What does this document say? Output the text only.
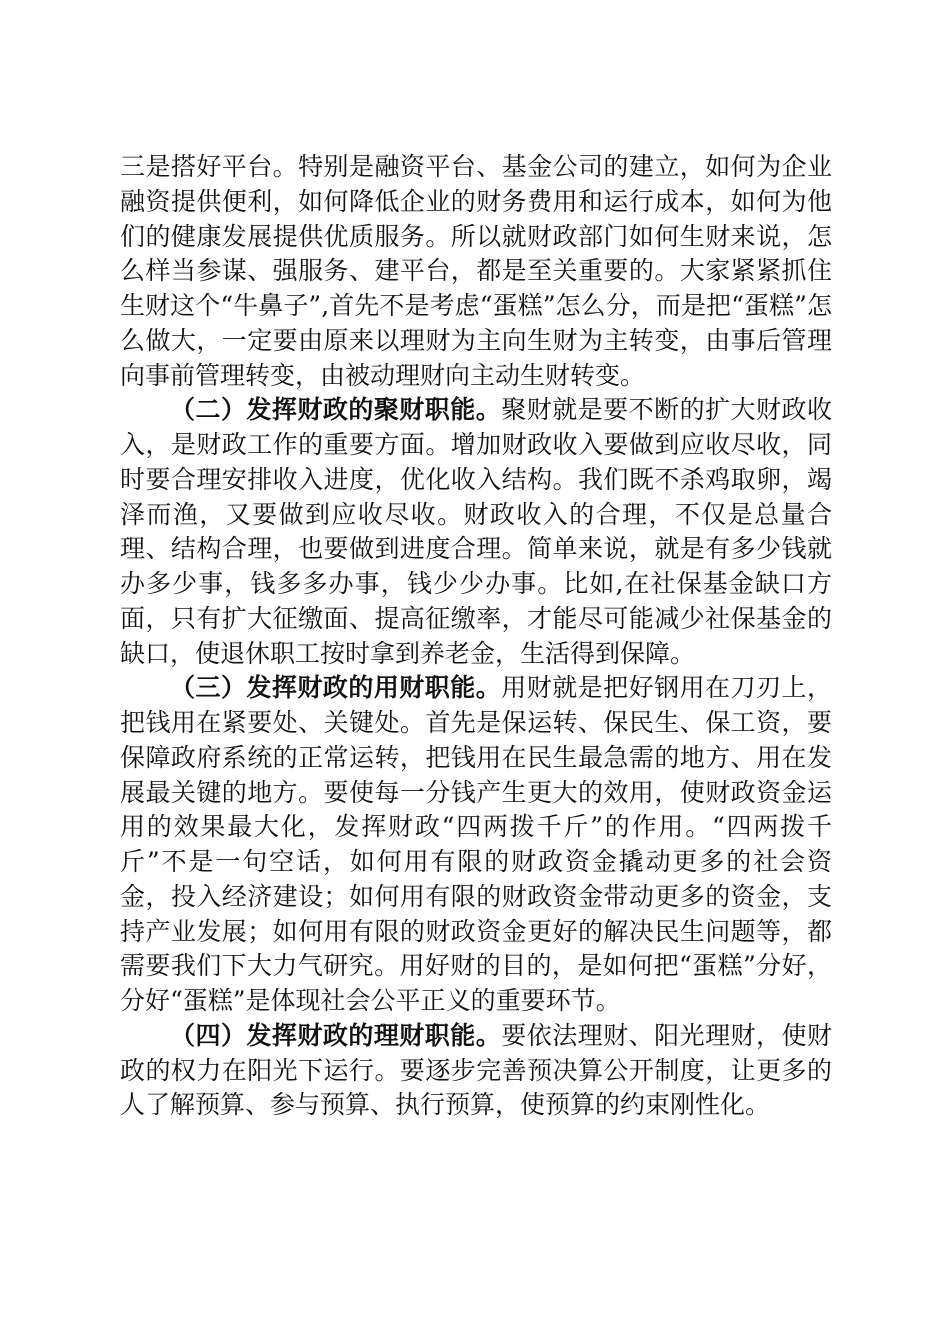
三是搭好平台。特别是融资平台、基金公司的建立，如何为企业融资提供便利，如何降低企业的财务费用和运行成本，如何为他们的健康发展提供优质服务。所以就财政部门如何生财来说，怎么样当参谋、强服务、建平台，都是至关重要的。大家紧紧抓住生财这个“牛鼻子”,首先不是考虑“蛋糕”怎么分，而是把“蛋糕”怎么做大，一定要由原来以理财为主向生财为主转变，由事后管理向事前管理转变，由被动理财向主动生财转变。

（二）发挥财政的聚财职能。聚财就是要不断的扩大财政收入，是财政工作的重要方面。增加财政收入要做到应收尽收，同时要合理安排收入进度，优化收入结构。我们既不杀鸡取卵，竭泽而渔，又要做到应收尽收。财政收入的合理，不仅是总量合理、结构合理，也要做到进度合理。简单来说，就是有多少钱就办多少事，钱多多办事，钱少少办事。比如,在社保基金缺口方面，只有扩大征缴面、提高征缴率，才能尽可能减少社保基金的缺口，使退休职工按时拿到养老金，生活得到保障。

（三）发挥财政的用财职能。用财就是把好钢用在刀刃上，把钱用在紧要处、关键处。首先是保运转、保民生、保工资，要保障政府系统的正常运转，把钱用在民生最急需的地方、用在发展最关键的地方。要使每一分钱产生更大的效用，使财政资金运用的效果最大化，发挥财政“四两拨千斤”的作用。“四两拨千斤”不是一句空话，如何用有限的财政资金撬动更多的社会资金，投入经济建设；如何用有限的财政资金带动更多的资金，支持产业发展；如何用有限的财政资金更好的解决民生问题等，都需要我们下大力气研究。用好财的目的，是如何把“蛋糕”分好，分好“蛋糕”是体现社会公平正义的重要环节。

（四）发挥财政的理财职能。要依法理财、阳光理财，使财政的权力在阳光下运行。要逐步完善预决算公开制度，让更多的人了解预算、参与预算、执行预算，使预算的约束刚性化。
